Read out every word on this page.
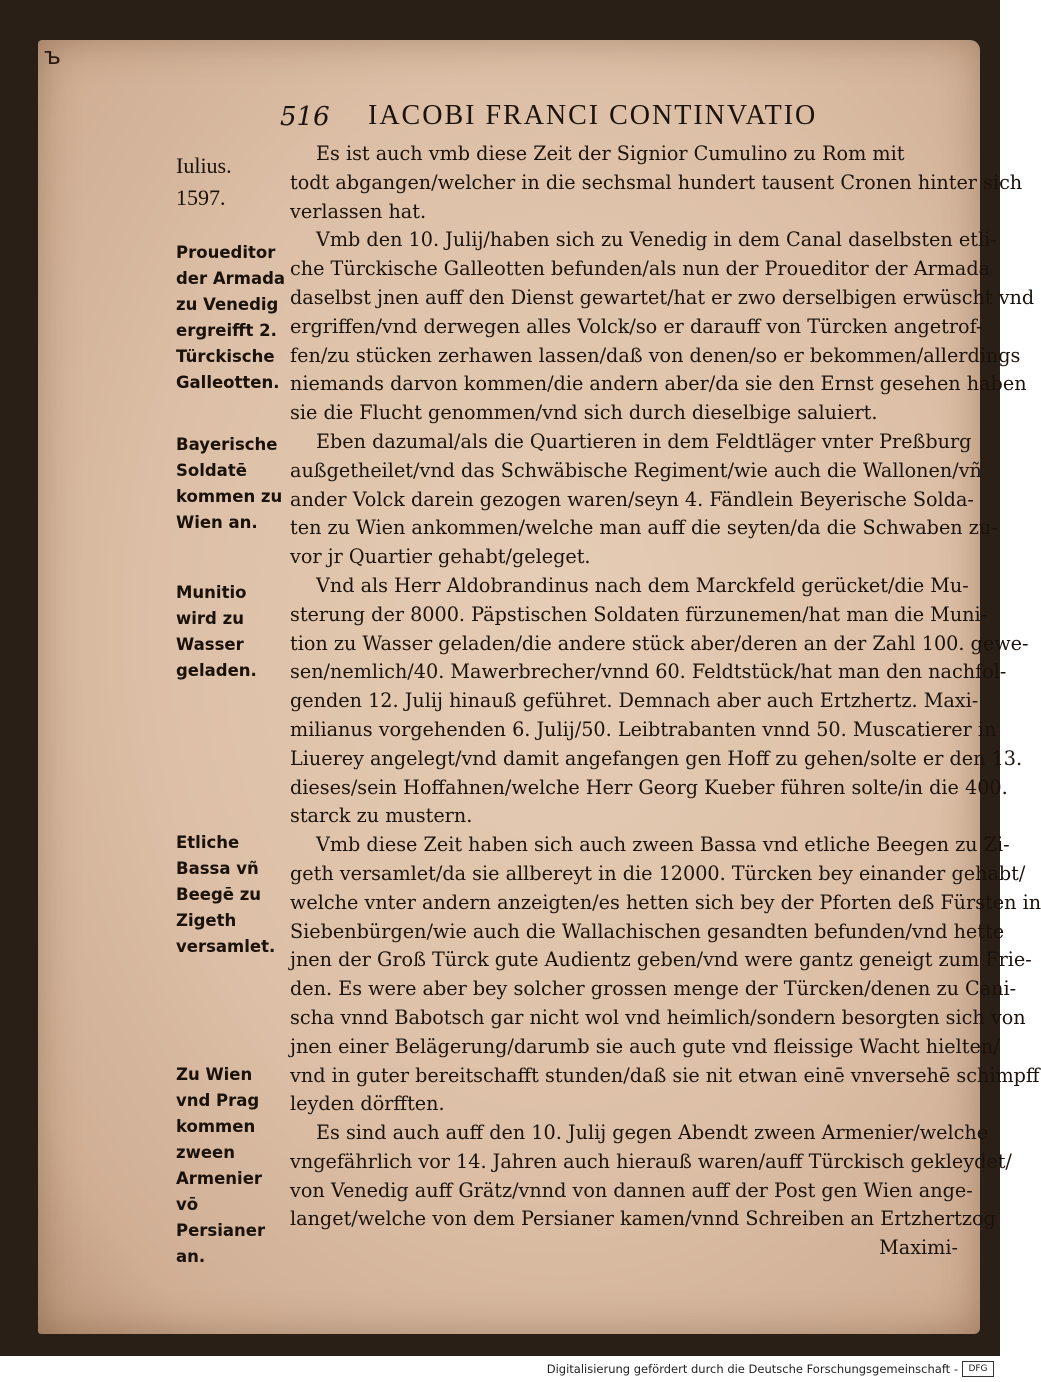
ъ
516 IACOBI FRANCI CONTINVATIO
Iulius. 1597.
Proueditor der Armada zu Venedig ergreifft 2. Türckische Galleotten.
Bayerische Soldatē kommen zu Wien an.
Munitio wird zu Wasser geladen.
Etliche Bassa vñ Beegē zu Zigeth versamlet.
Zu Wien vnd Prag kommen zween Armenier vō Persianer an.
Es ist auch vmb diese Zeit der Signior Cumulino zu Rom mit
todt abgangen/welcher in die sechsmal hundert tausent Cronen hinter sich
verlassen hat.
Vmb den 10. Julij/haben sich zu Venedig in dem Canal daselbsten etli-
che Türckische Galleotten befunden/als nun der Proueditor der Armada
daselbst jnen auff den Dienst gewartet/hat er zwo derselbigen erwüscht vnd
ergriffen/vnd derwegen alles Volck/so er darauff von Türcken angetrof-
fen/zu stücken zerhawen lassen/daß von denen/so er bekommen/allerdings
niemands darvon kommen/die andern aber/da sie den Ernst gesehen haben
sie die Flucht genommen/vnd sich durch dieselbige saluiert.
Eben dazumal/als die Quartieren in dem Feldtläger vnter Preßburg
außgetheilet/vnd das Schwäbische Regiment/wie auch die Wallonen/vñ
ander Volck darein gezogen waren/seyn 4. Fändlein Beyerische Solda-
ten zu Wien ankommen/welche man auff die seyten/da die Schwaben zu-
vor jr Quartier gehabt/geleget.
Vnd als Herr Aldobrandinus nach dem Marckfeld gerücket/die Mu-
sterung der 8000. Päpstischen Soldaten fürzunemen/hat man die Muni-
tion zu Wasser geladen/die andere stück aber/deren an der Zahl 100. gewe-
sen/nemlich/40. Mawerbrecher/vnnd 60. Feldtstück/hat man den nachfol-
genden 12. Julij hinauß geführet. Demnach aber auch Ertzhertz. Maxi-
milianus vorgehenden 6. Julij/50. Leibtrabanten vnnd 50. Muscatierer in
Liuerey angelegt/vnd damit angefangen gen Hoff zu gehen/solte er den 13.
dieses/sein Hoffahnen/welche Herr Georg Kueber führen solte/in die 400.
starck zu mustern.
Vmb diese Zeit haben sich auch zween Bassa vnd etliche Beegen zu Zi-
geth versamlet/da sie allbereyt in die 12000. Türcken bey einander gehabt/
welche vnter andern anzeigten/es hetten sich bey der Pforten deß Fürsten in
Siebenbürgen/wie auch die Wallachischen gesandten befunden/vnd hette
jnen der Groß Türck gute Audientz geben/vnd were gantz geneigt zum Frie-
den. Es were aber bey solcher grossen menge der Türcken/denen zu Cani-
scha vnnd Babotsch gar nicht wol vnd heimlich/sondern besorgten sich von
jnen einer Belägerung/darumb sie auch gute vnd fleissige Wacht hielten/
vnd in guter bereitschafft stunden/daß sie nit etwan einē vnversehē schimpff
leyden dörfften.
Es sind auch auff den 10. Julij gegen Abendt zween Armenier/welche
vngefährlich vor 14. Jahren auch hierauß waren/auff Türckisch gekleydet/
von Venedig auff Grätz/vnnd von dannen auff der Post gen Wien ange-
langet/welche von dem Persianer kamen/vnnd Schreiben an Ertzhertzog
Maximi-
Digitalisierung gefördert durch die Deutsche Forschungsgemeinschaft -	DFG
